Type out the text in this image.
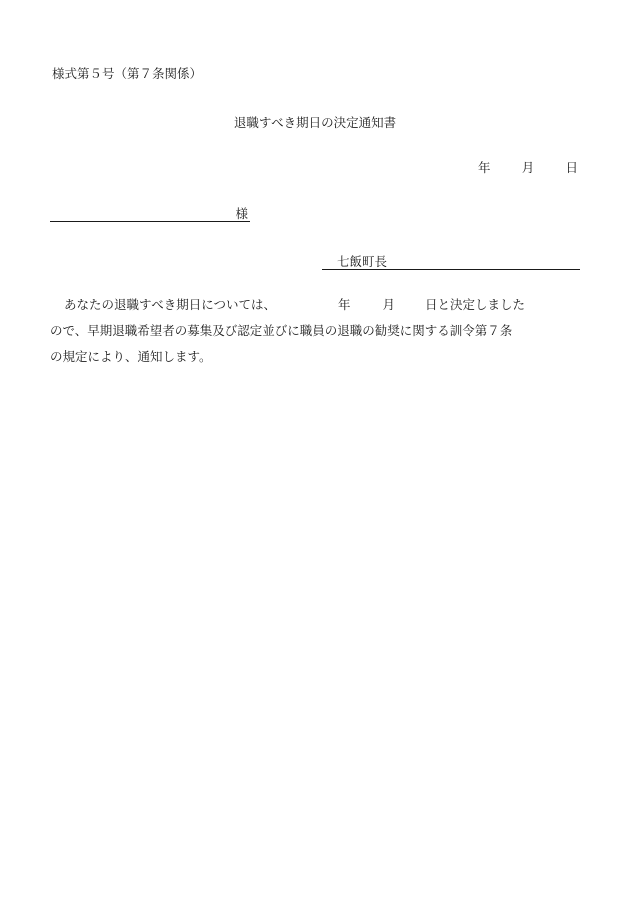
様式第５号（第７条関係）
退職すべき期日の決定通知書
年 月 日
様
七飯町長
あなたの退職すべき期日については、	年	月 日と決定しました
ので、早期退職希望者の募集及び認定並びに職員の退職の勧奨に関する訓令第７条
の規定により、通知します。
